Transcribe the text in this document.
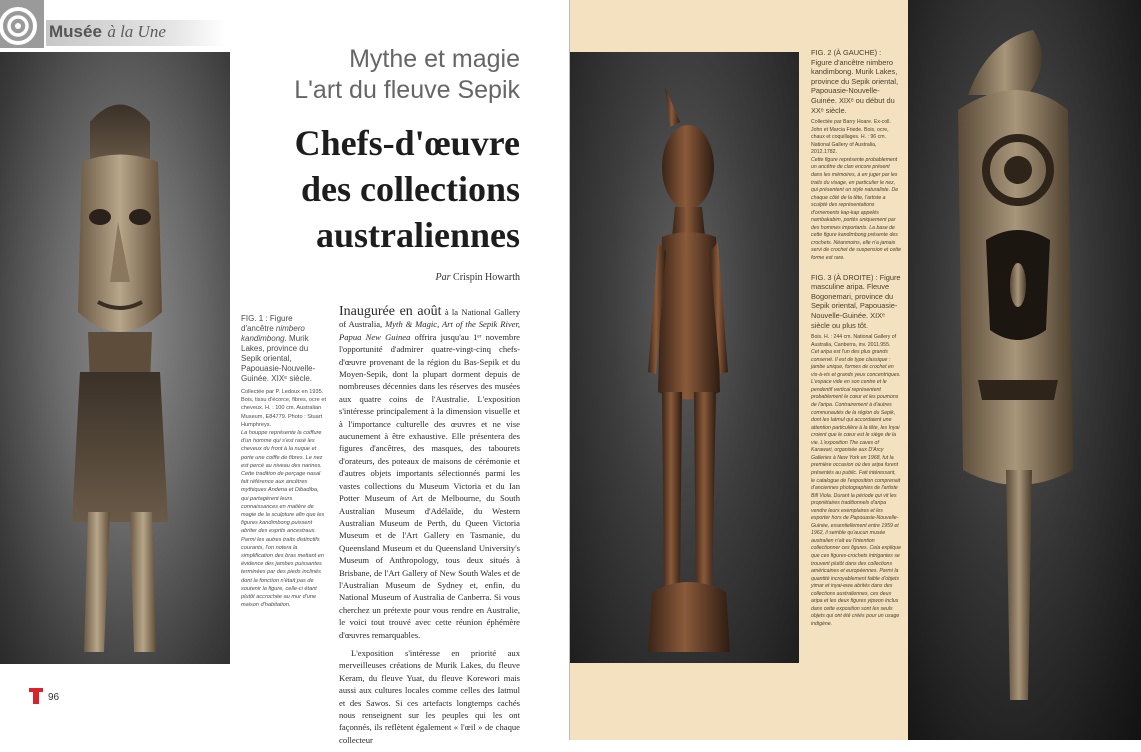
Musée à la Une
Mythe et magie
L'art du fleuve Sepik
Chefs-d'œuvre
des collections
australiennes
Par Crispin Howarth
FIG. 1 : Figure d'ancêtre nimbero kandimbong. Murik Lakes, province du Sepik oriental, Papouasie-Nouvelle-Guinée. XIXᵉ siècle.
Collectée par P. Ledoux en 1935. Bois, tissu d'écorce, fibres, ocre et cheveux. H. : 100 cm. Australian Museum, E84779. Photo : Stuart Humphreys.
La houppe représente la coiffure d'un homme qui s'est rasé les cheveux du front à la nuque et porte une coiffe de fibres. Le nez est percé au niveau des narines. Cette tradition de perçage nasal fait référence aux ancêtres mythiques Andena et Dibadiba, qui partagèrent leurs connaissances en matière de magie de la sculpture afin que les figures kandimbong puissent abriter des esprits ancestraux. Parmi les autres traits distinctifs courants, l'on notera la simplification des bras mettant en évidence des jambes puissantes terminées par des pieds inclinés dont la fonction n'était pas de soutenir la figure, celle-ci étant plutôt accrochée au mur d'une maison d'habitation.

Inaugurée en août à la National Gallery of Australia, Myth & Magic, Art of the Sepik River, Papua New Guinea offrira jusqu'au 1ᵉʳ novembre l'opportunité d'admirer quatre-vingt-cinq chefs-d'œuvre provenant de la région du Bas-Sepik et du Moyen-Sepik, dont la plupart dorment depuis de nombreuses décennies dans les réserves des musées aux quatre coins de l'Australie. L'exposition s'intéresse principalement à la dimension visuelle et à l'importance culturelle des œuvres et ne vise aucunement à être exhaustive. Elle présentera des figures d'ancêtres, des masques, des tabourets d'orateurs, des poteaux de maisons de cérémonie et d'autres objets importants sélectionnés parmi les vastes collections du Museum Victoria et du Ian Potter Museum of Art de Melbourne, du South Australian Museum d'Adélaïde, du Western Australian Museum de Perth, du Queen Victoria Museum et de l'Art Gallery en Tasmanie, du Queensland Museum et du Queensland University's Museum of Anthropology, tous deux situés à Brisbane, de l'Art Gallery of New South Wales et de l'Australian Museum de Sydney et, enfin, du National Museum of Australia de Canberra. Si vous cherchez un prétexte pour vous rendre en Australie, le voici tout trouvé avec cette réunion éphémère d'œuvres remarquables.

L'exposition s'intéresse en priorité aux merveilleuses créations de Murik Lakes, du fleuve Keram, du fleuve Yuat, du fleuve Korewori mais aussi aux cultures locales comme celles des Iatmul et des Sawos. Si ces artefacts longtemps cachés nous renseignent sur les peuples qui les ont façonnés, ils reflètent également « l'œil » de chaque collecteur

96
FIG. 2 (À GAUCHE) : Figure d'ancêtre nimbero kandimbong. Murik Lakes, province du Sepik oriental, Papouasie-Nouvelle-Guinée. XIXᵉ ou début du XXᵉ siècle.
Collectée par Barry Hoare. Ex-coll. John et Marcia Friede. Bois, ocre, chaux et coquillages. H. : 96 cm. National Gallery of Australia, 2012.1782.
Cette figure représente probablement un ancêtre de clan encore présent dans les mémoires, à en juger par les traits du visage, en particulier le nez, qui présentent un style naturaliste. De chaque côté de la tête, l'artiste a sculpté des représentations d'ornements kap-kap appelés nambakabim, portés uniquement par des hommes importants. La base de cette figure kandimbong présente des crochets. Néanmoins, elle n'a jamais servi de crochet de suspension et cette forme est rare.
FIG. 3 (À DROITE) : Figure masculine aripa. Fleuve Bogonemari, province du Sepik oriental, Papouasie-Nouvelle-Guinée. XIXᵉ siècle ou plus tôt.
Bois. H. : 244 cm. National Gallery of Australia, Canberra, inv. 2011.955.
Cet aripa est l'un des plus grands conservé. Il est de type classique : jambe unique, formes de crochet en vis-à-vis et grands yeux concentriques. L'espace vide en son centre et le pendentif vertical représentent probablement le cœur et les poumons de l'aripa. Contrairement à d'autres communautés de la région du Sepik, dont les Iatmul qui accordaient une attention particulière à la tête, les Inyai croient que le cœur est le siège de la vie. L'exposition The caves of Karawari, organisée aux D'Arcy Galleries à New York en 1968, fut la première occasion où des aripa furent présentés au public. Fait intéressant, le catalogue de l'exposition comprenait d'anciennes photographies de l'artiste Bill Viola. Durant la période qui vit les propriétaires traditionnels d'aripa vendre leurs exemplaires et les exporter hors de Papouasie-Nouvelle-Guinée, essentiellement entre 1959 et 1962, il semble qu'aucun musée australien n'ait eu l'intention collectionner ces figures. Cela explique que ces figures-crochets intrigantes se trouvent plutôt dans des collections américaines et européennes. Parmi la quantité incroyablement faible d'objets yimar et inyai-ewa abrités dans des collections australiennes, ces deux aripa et les deux figures yipwon inclus dans cette exposition sont les seuls objets qui ont été créés pour un usage indigène.
